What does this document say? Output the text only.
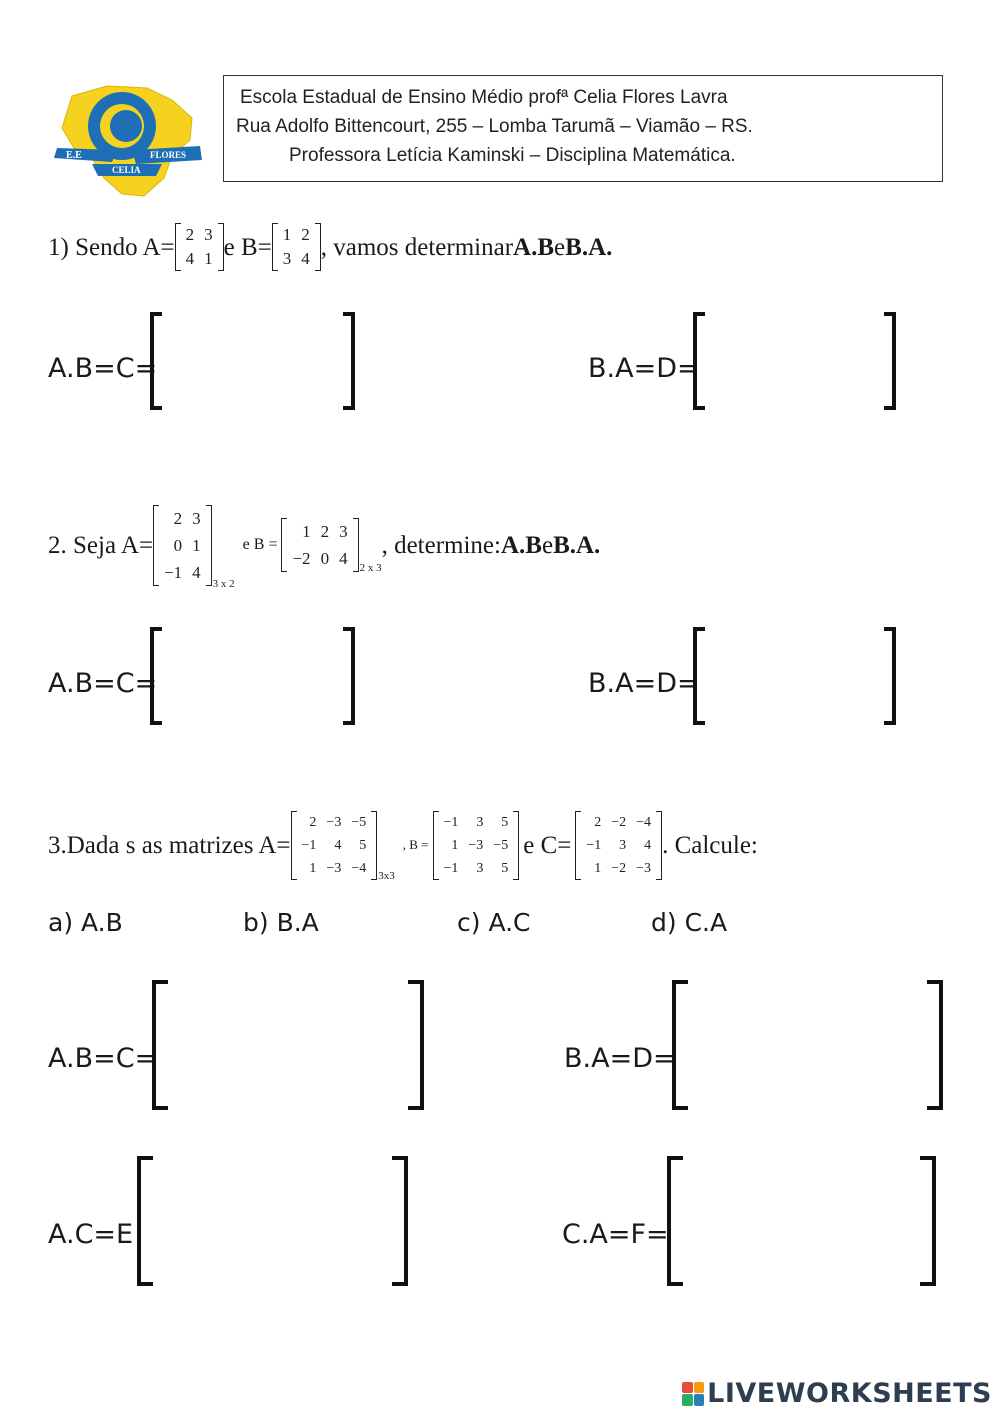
E.E
CELIA
FLORES
Escola Estadual de Ensino Médio profª Celia Flores Lavra
Rua Adolfo Bittencourt, 255 – Lomba Tarumã – Viamão – RS.
Professora Letícia Kaminski – Disciplina Matemática.
1) Sendo A= 2	3
4	1 e B= 1	2
3	4 , vamos determinar A.B e B.A.
A.B=C=	B.A=D=
2. Seja A=
2	3
0	1
−1	4
3 x 2
e B =
1	2	3
−2	0	4 2 x 3
, determine: A.B e B.A.
A.B=C=	B.A=D=
3.Dada s as matrizes A=
2	−3	−5
−1	4	5
1	−3	−4
3x3
, B =
−1	3	5
1	−3	−5
−1	3	5
e C=
2	−2	−4
−1	3	4
1	−2	−3
. Calcule:
a) A.B	b) B.A	c) A.C	d) C.A
A.B=C=	B.A=D=
A.C=E	C.A=F=
LIVEWORKSHEETS
